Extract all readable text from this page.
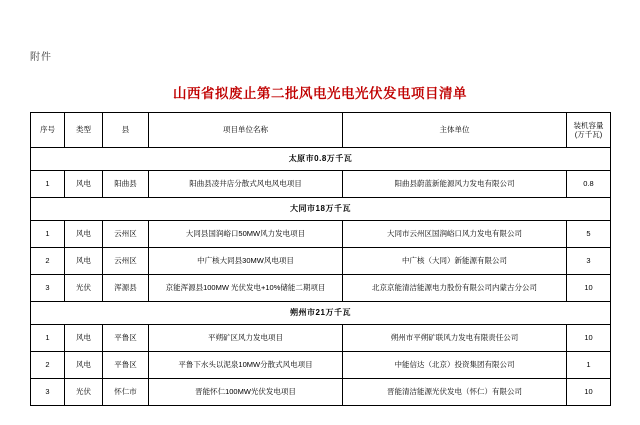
附件
山西省拟废止第二批风电光电光伏发电项目清单
序号	类型	县	项目单位名称	主体单位	装机容量
(万千瓦)

太原市0.8万千瓦					

1	风电	阳曲县	阳曲县凌井店分散式风电风电项目	阳曲县蔚蓝新能源风力发电有限公司	0.8

大同市18万千瓦					

1	风电	云州区	大同县国润峪口50MW风力发电项目	大同市云州区国润峪口风力发电有限公司	5

2	风电	云州区	中广核大同县30MW风电项目	中广核（大同）新能源有限公司	3

3	光伏	浑源县	京能浑源县100MW 光伏发电+10%储能二期项目	北京京能清洁能源电力股份有限公司内蒙古分公司	10

朔州市21万千瓦					

1	风电	平鲁区	平朔矿区风力发电项目	朔州市平朔矿联风力发电有限责任公司	10

2	风电	平鲁区	平鲁下水头以泥泉10MW分散式风电项目	中能信达（北京）投资集团有限公司	1

3	光伏	怀仁市	晋能怀仁100MW光伏发电项目	晋能清洁能源光伏发电（怀仁）有限公司	10
